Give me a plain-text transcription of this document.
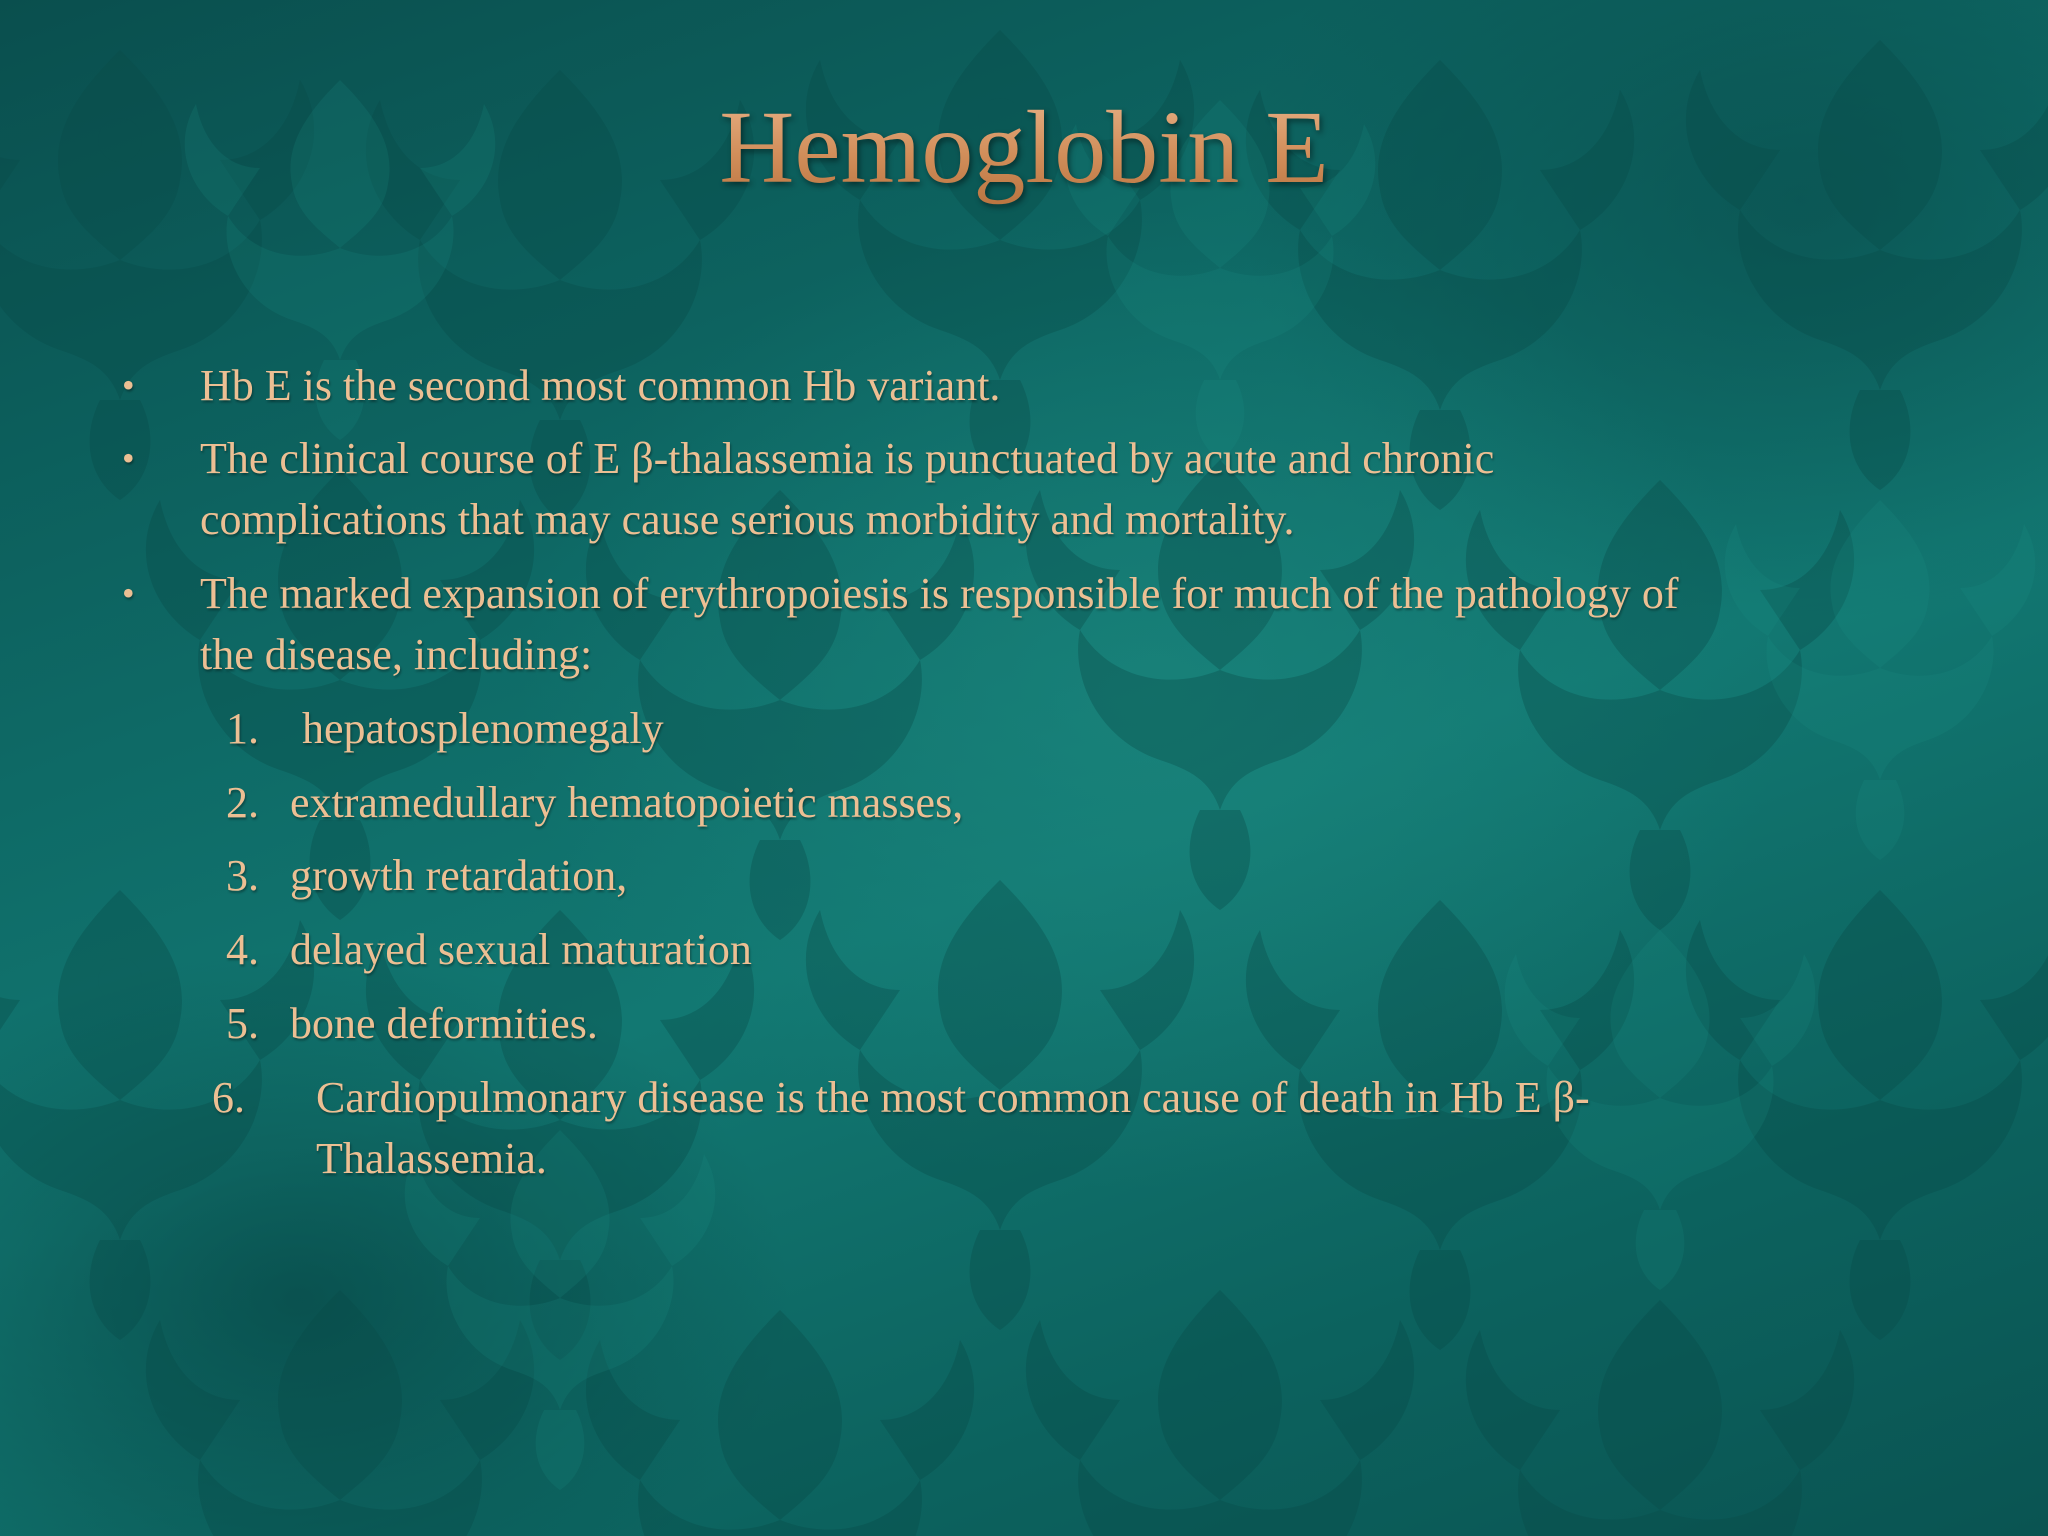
Hemoglobin E
• Hb E is the second most common Hb variant.
• The clinical course of E β-thalassemia is punctuated by acute and chronic
complications that may cause serious morbidity and mortality.
• The marked expansion of erythropoiesis is responsible for much of the pathology of
the disease, including:
1. hepatosplenomegaly
2. extramedullary hematopoietic masses,
3. growth retardation,
4. delayed sexual maturation
5. bone deformities.
6. Cardiopulmonary disease is the most common cause of death in Hb E β-
Thalassemia.
